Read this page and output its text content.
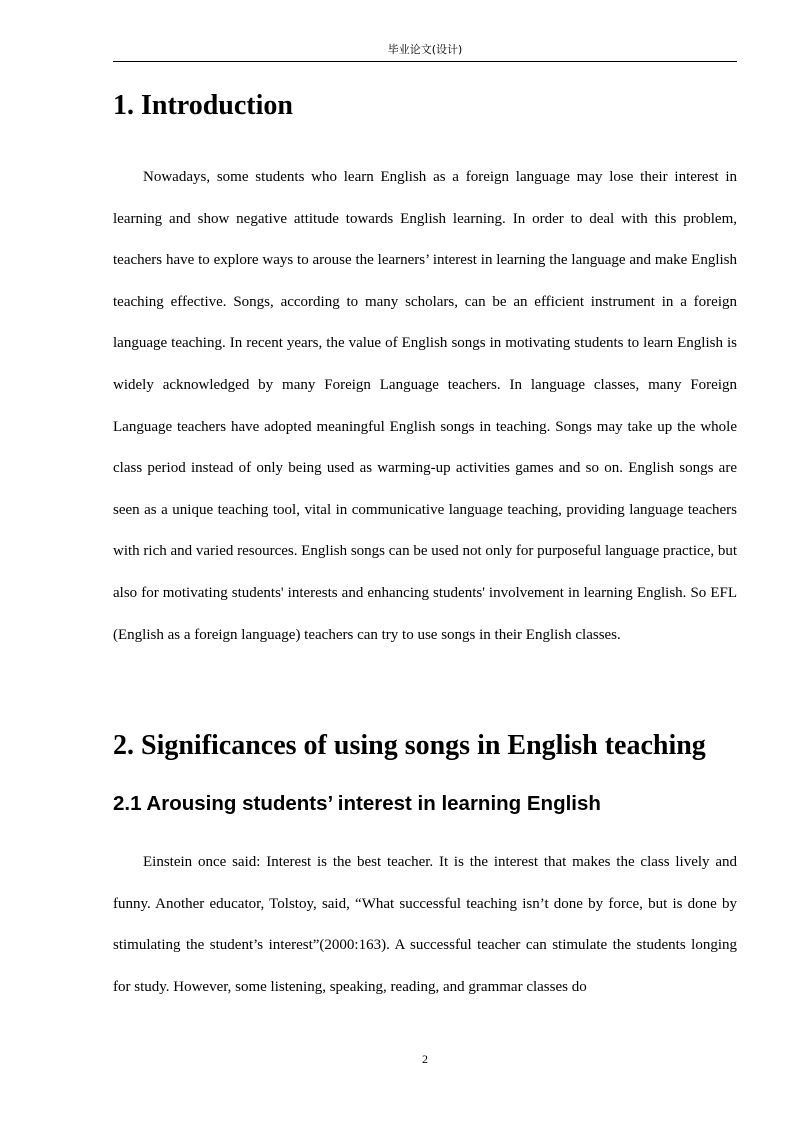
毕业论文(设计)
1. Introduction

Nowadays, some students who learn English as a foreign language may lose their interest in learning and show negative attitude towards English learning. In order to deal with this problem, teachers have to explore ways to arouse the learners’ interest in learning the language and make English teaching effective. Songs, according to many scholars, can be an efficient instrument in a foreign language teaching. In recent years, the value of English songs in motivating students to learn English is widely acknowledged by many Foreign Language teachers. In language classes, many Foreign Language teachers have adopted meaningful English songs in teaching. Songs may take up the whole class period instead of only being used as warming-up activities games and so on. English songs are seen as a unique teaching tool, vital in communicative language teaching, providing language teachers with rich and varied resources. English songs can be used not only for purposeful language practice, but also for motivating students' interests and enhancing students' involvement in learning English. So EFL (English as a foreign language) teachers can try to use songs in their English classes.

2. Significances of using songs in English teaching
2.1 Arousing students’ interest in learning English

Einstein once said: Interest is the best teacher. It is the interest that makes the class lively and funny. Another educator, Tolstoy, said, “What successful teaching isn’t done by force, but is done by stimulating the student’s interest”(2000:163). A successful teacher can stimulate the students longing for study. However, some listening, speaking, reading, and grammar classes do

2
